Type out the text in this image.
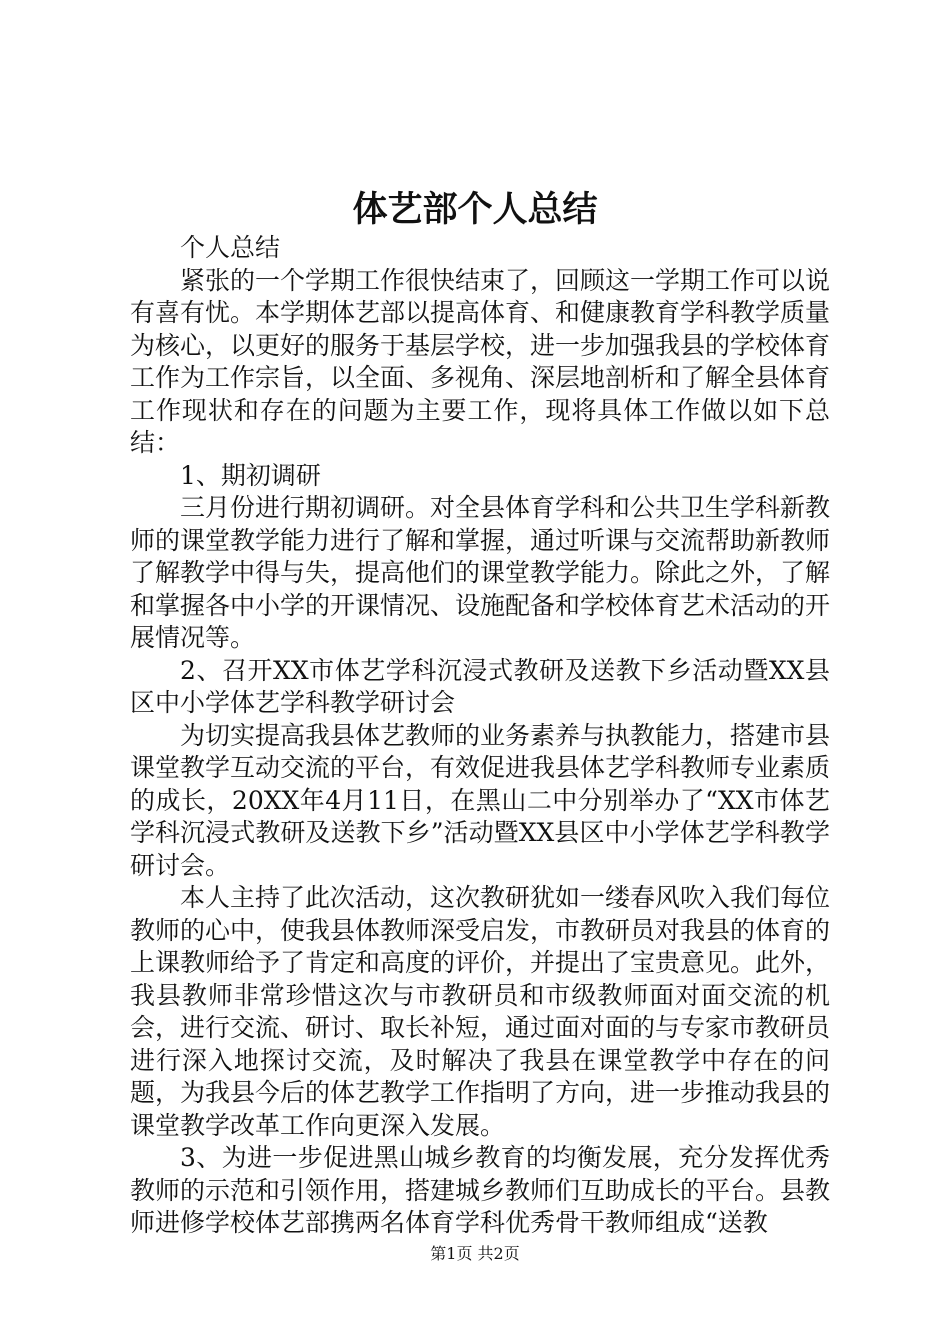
体艺部个人总结

个人总结

紧张的一个学期工作很快结束了，回顾这一学期工作可以说有喜有忧。本学期体艺部以提高体育、和健康教育学科教学质量为核心，以更好的服务于基层学校，进一步加强我县的学校体育工作为工作宗旨，以全面、多视角、深层地剖析和了解全县体育工作现状和存在的问题为主要工作，现将具体工作做以如下总结：

1、期初调研

三月份进行期初调研。对全县体育学科和公共卫生学科新教师的课堂教学能力进行了解和掌握，通过听课与交流帮助新教师了解教学中得与失，提高他们的课堂教学能力。除此之外，了解和掌握各中小学的开课情况、设施配备和学校体育艺术活动的开展情况等。

2、召开XX市体艺学科沉浸式教研及送教下乡活动暨XX县区中小学体艺学科教学研讨会

为切实提高我县体艺教师的业务素养与执教能力，搭建市县课堂教学互动交流的平台，有效促进我县体艺学科教师专业素质的成长，20XX年4月11日，在黑山二中分别举办了“XX市体艺学科沉浸式教研及送教下乡”活动暨XX县区中小学体艺学科教学研讨会。

本人主持了此次活动，这次教研犹如一缕春风吹入我们每位教师的心中，使我县体教师深受启发，市教研员对我县的体育的上课教师给予了肯定和高度的评价，并提出了宝贵意见。此外，我县教师非常珍惜这次与市教研员和市级教师面对面交流的机会，进行交流、研讨、取长补短，通过面对面的与专家市教研员进行深入地探讨交流，及时解决了我县在课堂教学中存在的问题，为我县今后的体艺教学工作指明了方向，进一步推动我县的课堂教学改革工作向更深入发展。

3、为进一步促进黑山城乡教育的均衡发展，充分发挥优秀教师的示范和引领作用，搭建城乡教师们互助成长的平台。县教师进修学校体艺部携两名体育学科优秀骨干教师组成“送教

第1页 共2页
